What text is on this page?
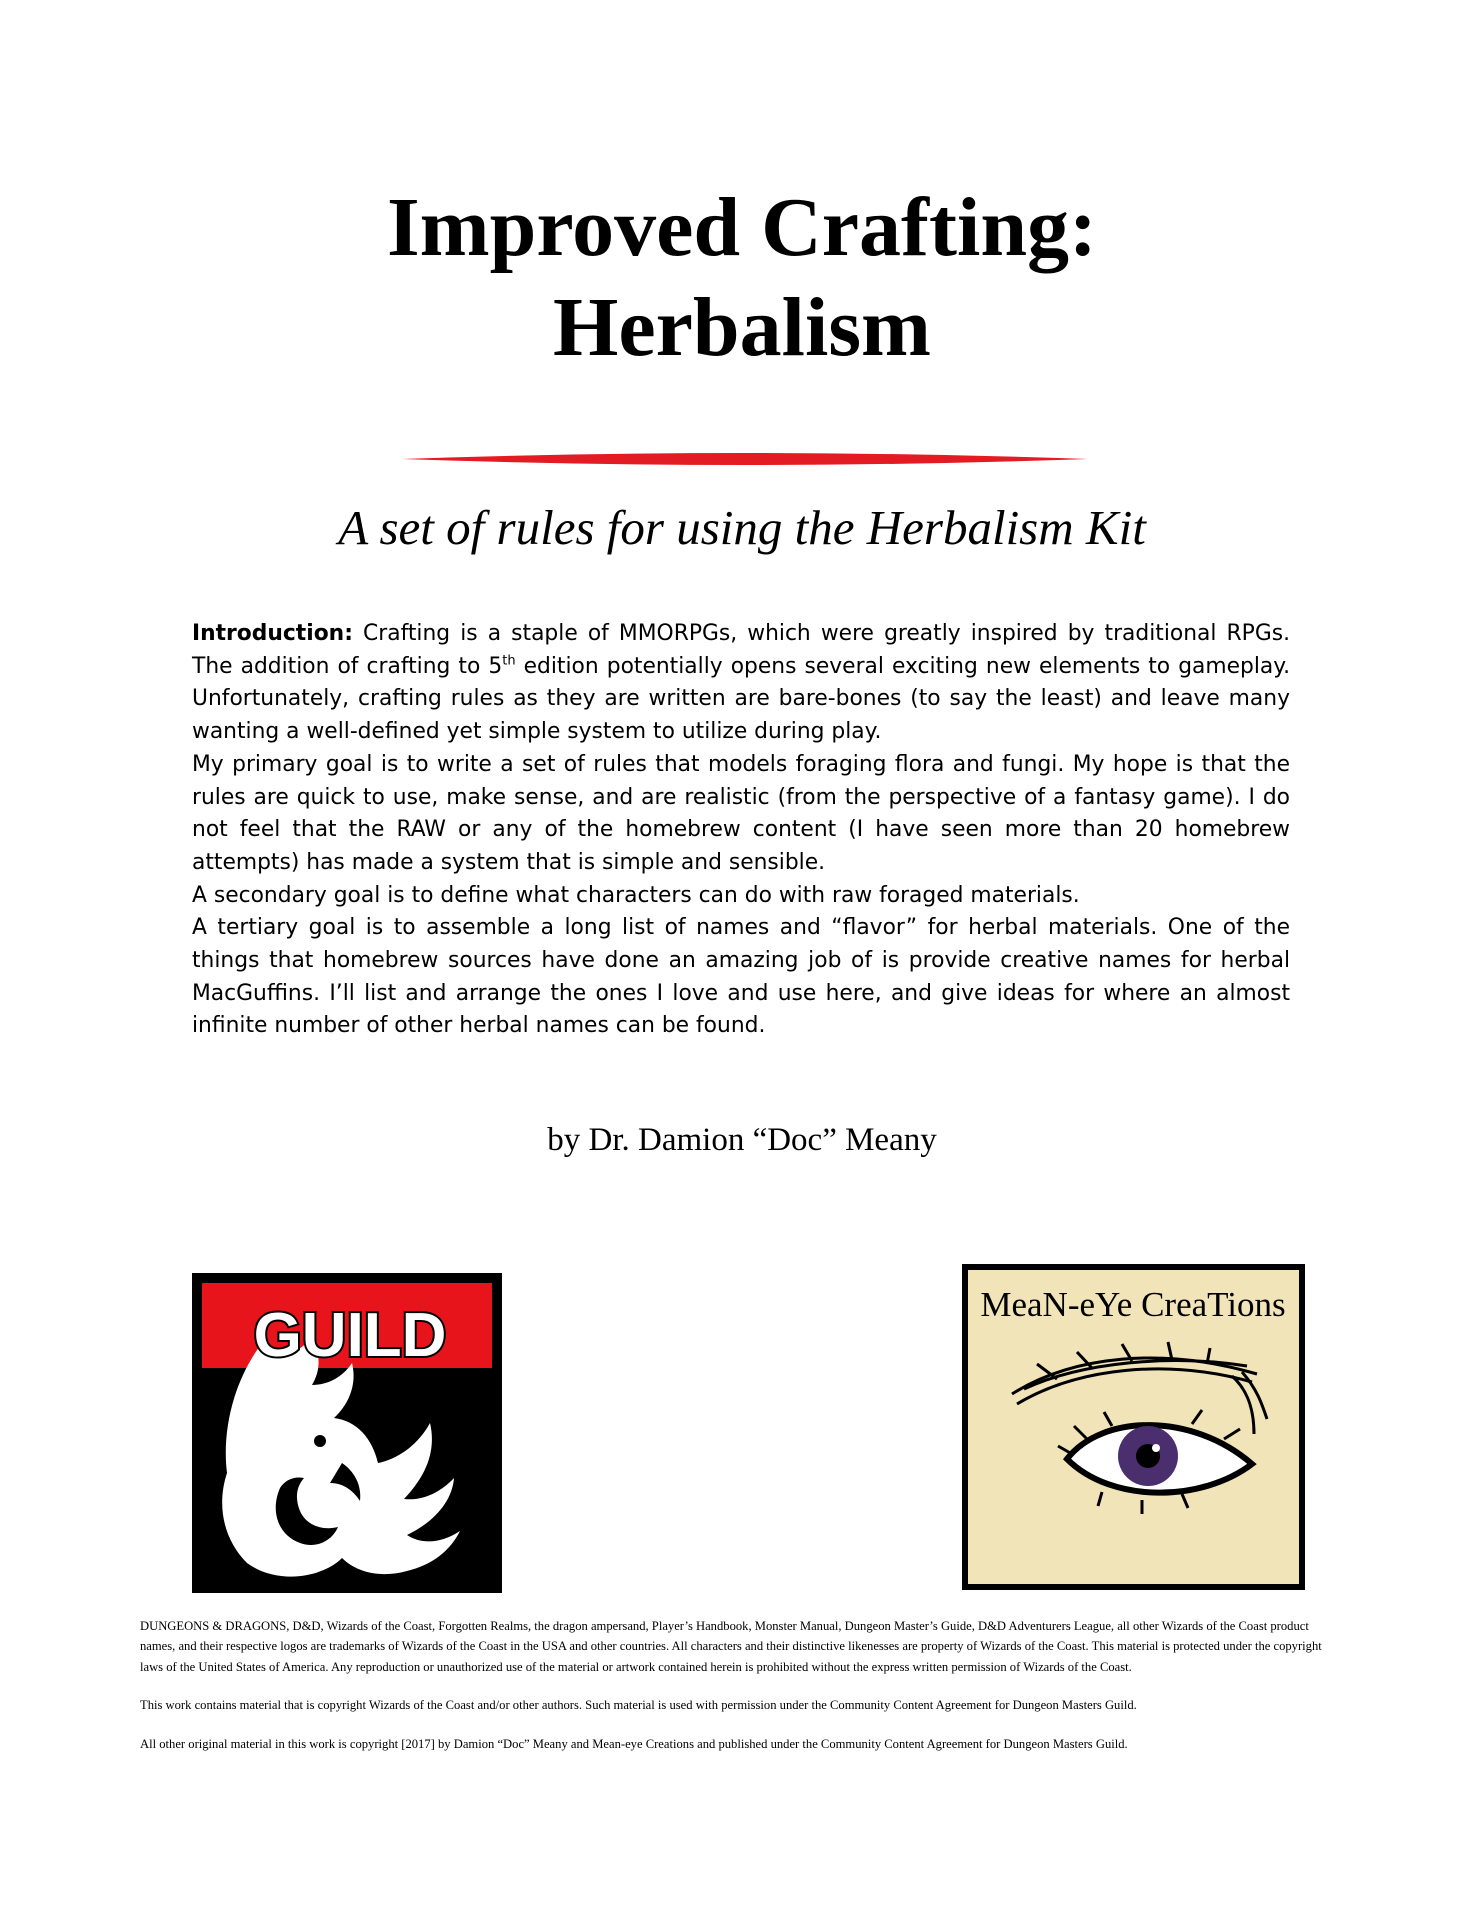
Improved Crafting:
Herbalism
A set of rules for using the Herbalism Kit

Introduction: Crafting is a staple of MMORPGs, which were greatly inspired by traditional RPGs. The addition of crafting to 5th edition potentially opens several exciting new elements to gameplay. Unfortunately, crafting rules as they are written are bare-bones (to say the least) and leave many wanting a well-defined yet simple system to utilize during play.

My primary goal is to write a set of rules that models foraging flora and fungi. My hope is that the rules are quick to use, make sense, and are realistic (from the perspective of a fantasy game). I do not feel that the RAW or any of the homebrew content (I have seen more than 20 homebrew attempts) has made a system that is simple and sensible.

A secondary goal is to define what characters can do with raw foraged materials.

A tertiary goal is to assemble a long list of names and “flavor” for herbal materials. One of the things that homebrew sources have done an amazing job of is provide creative names for herbal MacGuffins. I’ll list and arrange the ones I love and use here, and give ideas for where an almost infinite number of other herbal names can be found.

by Dr. Damion “Doc” Meany
GUILD	MeaN-eYe CreaTions

DUNGEONS & DRAGONS, D&D, Wizards of the Coast, Forgotten Realms, the dragon ampersand, Player’s Handbook, Monster Manual, Dungeon Master’s Guide, D&D Adventurers League, all other Wizards of the Coast product names, and their respective logos are trademarks of Wizards of the Coast in the USA and other countries. All characters and their distinctive likenesses are property of Wizards of the Coast. This material is protected under the copyright laws of the United States of America. Any reproduction or unauthorized use of the material or artwork contained herein is prohibited without the express written permission of Wizards of the Coast.

This work contains material that is copyright Wizards of the Coast and/or other authors. Such material is used with permission under the Community Content Agreement for Dungeon Masters Guild.

All other original material in this work is copyright [2017] by Damion “Doc” Meany and Mean-eye Creations and published under the Community Content Agreement for Dungeon Masters Guild.
